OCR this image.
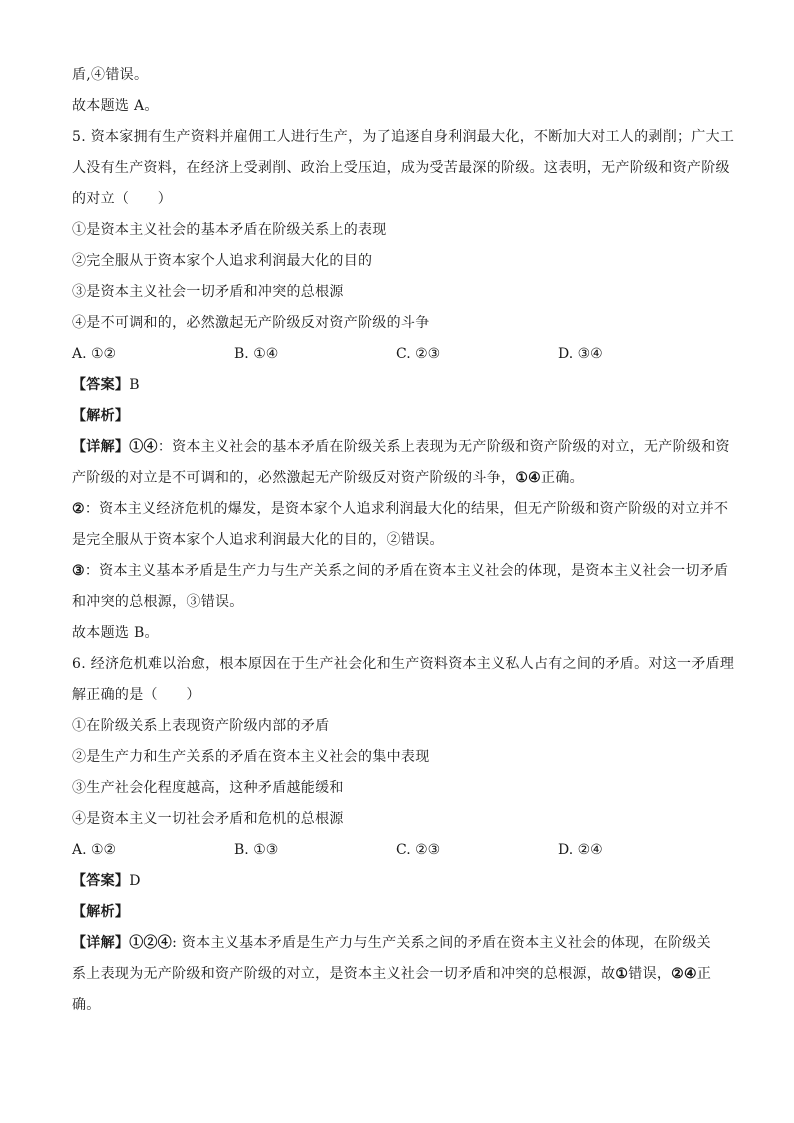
盾,④错误。
故本题选 A。
5. 资本家拥有生产资料并雇佣工人进行生产，为了追逐自身利润最大化，不断加大对工人的剥削；广大工
人没有生产资料，在经济上受剥削、政治上受压迫，成为受苦最深的阶级。这表明，无产阶级和资产阶级
的对立（　　）
①是资本主义社会的基本矛盾在阶级关系上的表现
②完全服从于资本家个人追求利润最大化的目的
③是资本主义社会一切矛盾和冲突的总根源
④是不可调和的，必然激起无产阶级反对资产阶级的斗争
A. ①②	B. ①④	C. ②③	D. ③④
【答案】B
【解析】
【详解】①④：资本主义社会的基本矛盾在阶级关系上表现为无产阶级和资产阶级的对立，无产阶级和资
产阶级的对立是不可调和的，必然激起无产阶级反对资产阶级的斗争，①④正确。
②：资本主义经济危机的爆发，是资本家个人追求利润最大化的结果，但无产阶级和资产阶级的对立并不
是完全服从于资本家个人追求利润最大化的目的，②错误。
③：资本主义基本矛盾是生产力与生产关系之间的矛盾在资本主义社会的体现，是资本主义社会一切矛盾
和冲突的总根源，③错误。
故本题选 B。
6. 经济危机难以治愈，根本原因在于生产社会化和生产资料资本主义私人占有之间的矛盾。对这一矛盾理
解正确的是（　　）
①在阶级关系上表现资产阶级内部的矛盾
②是生产力和生产关系的矛盾在资本主义社会的集中表现
③生产社会化程度越高，这种矛盾越能缓和
④是资本主义一切社会矛盾和危机的总根源
A. ①②	B. ①③	C. ②③	D. ②④
【答案】D
【解析】
【详解】①②④: 资本主义基本矛盾是生产力与生产关系之间的矛盾在资本主义社会的体现，在阶级关
系上表现为无产阶级和资产阶级的对立，是资本主义社会一切矛盾和冲突的总根源，故①错误，②④正
确。
